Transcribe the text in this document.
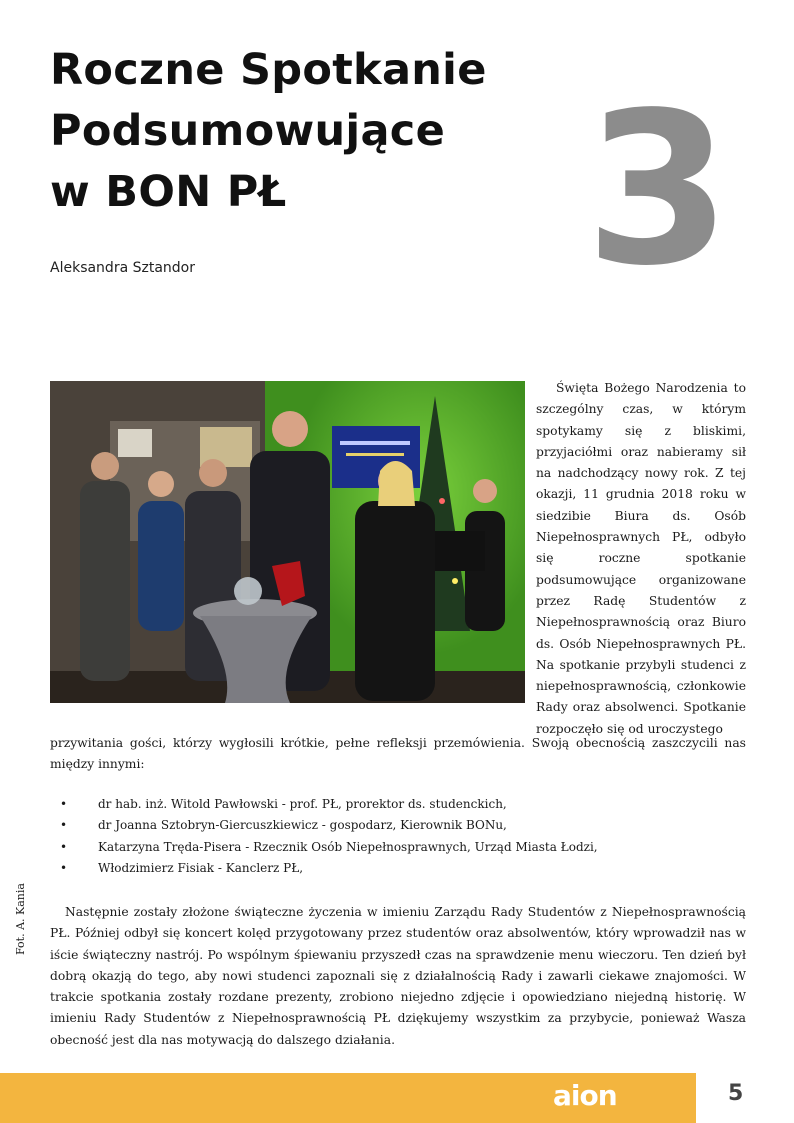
Roczne Spotkanie
Podsumowujące
w BON PŁ	3
Aleksandra Sztandor

Święta Bożego Narodzenia to szczególny czas, w którym spotykamy się z bliskimi, przyjaciółmi oraz nabieramy sił na nadchodzący nowy rok. Z tej okazji, 11 grudnia 2018 roku w siedzibie Biura ds. Osób Niepełnosprawnych PŁ, odbyło się roczne spotkanie podsumowujące organizowane przez Radę Studentów z Niepełnosprawnością oraz Biuro ds. Osób Niepełnosprawnych PŁ. Na spotkanie przybyli studenci z niepełnosprawnością, członkowie Rady oraz absolwenci. Spotkanie rozpoczęło się od uroczystego

przywitania gości, którzy wygłosili krótkie, pełne refleksji przemówienia. Swoją obecnością zaszczycili nas między innymi:

•	dr hab. inż. Witold Pawłowski - prof. PŁ, prorektor ds. studenckich,
•	dr Joanna Sztobryn-Giercuszkiewicz - gospodarz, Kierownik BONu,
•	Katarzyna Tręda-Pisera - Rzecznik Osób Niepełnosprawnych, Urząd Miasta Łodzi,
•	Włodzimierz Fisiak - Kanclerz PŁ,
Fot. A. Kania	Następnie zostały złożone świąteczne życzenia w imieniu Zarządu Rady Studentów z Niepełnosprawnością PŁ. Później odbył się koncert kolęd przygotowany przez studentów oraz absolwentów, który wprowadził nas w iście świąteczny nastrój. Po wspólnym śpiewaniu przyszedł czas na sprawdzenie menu wieczoru. Ten dzień był dobrą okazją do tego, aby nowi studenci zapoznali się z działalnością Rady i zawarli ciekawe znajomości. W trakcie spotkania zostały rozdane prezenty, zrobiono niejedno zdjęcie i opowiedziano niejedną historię. W imieniu Rady Studentów z Niepełnosprawnością PŁ dziękujemy wszystkim za przybycie, ponieważ Wasza obecność jest dla nas motywacją do dalszego działania.

aion	5
